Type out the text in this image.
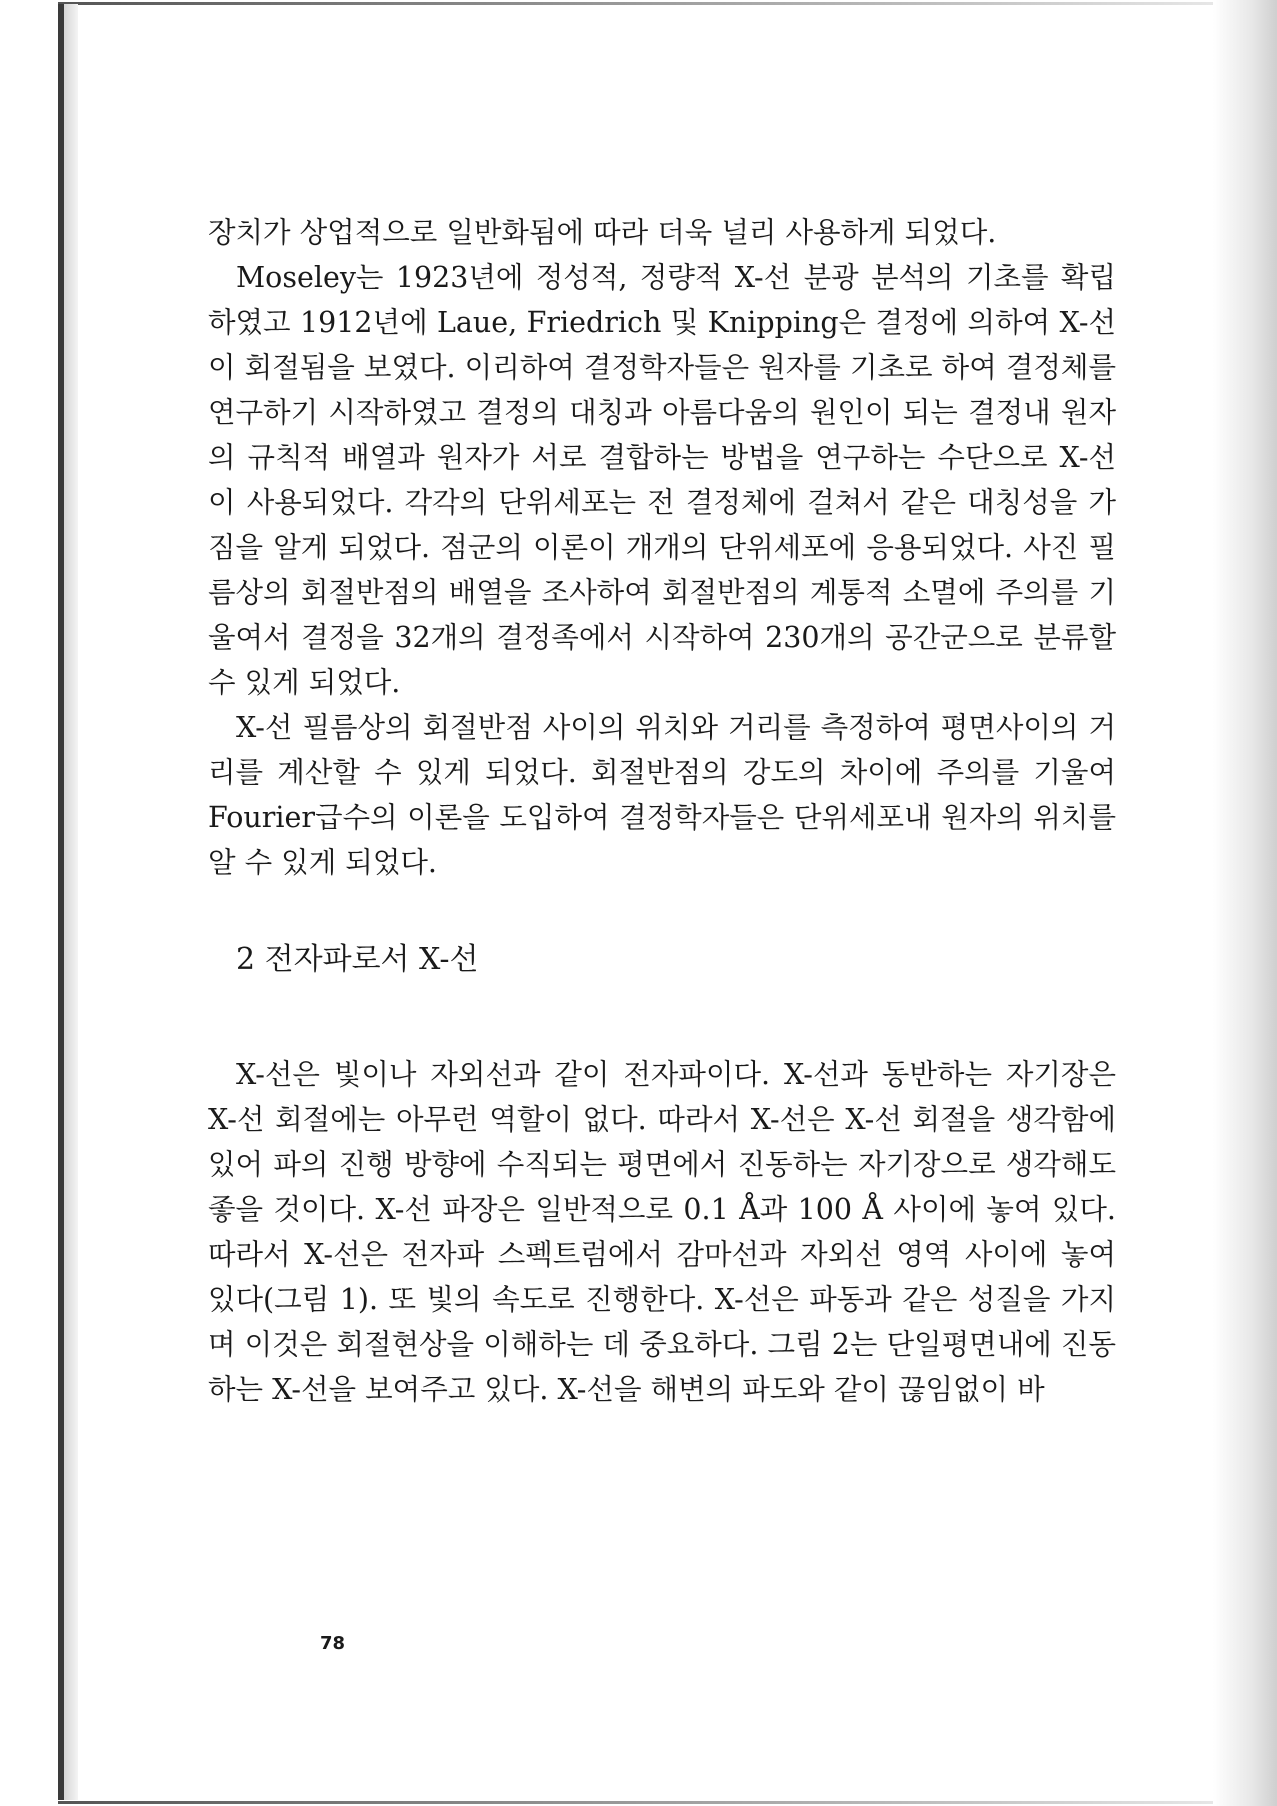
장치가 상업적으로 일반화됨에 따라 더욱 널리 사용하게 되었다.

Moseley는 1923년에 정성적, 정량적 X-선 분광 분석의 기초를 확립하였고 1912년에 Laue, Friedrich 및 Knipping은 결정에 의하여 X-선이 회절됨을 보였다. 이리하여 결정학자들은 원자를 기초로 하여 결정체를 연구하기 시작하였고 결정의 대칭과 아름다움의 원인이 되는 결정내 원자의 규칙적 배열과 원자가 서로 결합하는 방법을 연구하는 수단으로 X-선이 사용되었다. 각각의 단위세포는 전 결정체에 걸쳐서 같은 대칭성을 가짐을 알게 되었다. 점군의 이론이 개개의 단위세포에 응용되었다. 사진 필름상의 회절반점의 배열을 조사하여 회절반점의 계통적 소멸에 주의를 기울여서 결정을 32개의 결정족에서 시작하여 230개의 공간군으로 분류할 수 있게 되었다.

X-선 필름상의 회절반점 사이의 위치와 거리를 측정하여 평면사이의 거리를 계산할 수 있게 되었다. 회절반점의 강도의 차이에 주의를 기울여 Fourier급수의 이론을 도입하여 결정학자들은 단위세포내 원자의 위치를 알 수 있게 되었다.

2 전자파로서 X-선

X-선은 빛이나 자외선과 같이 전자파이다. X-선과 동반하는 자기장은 X-선 회절에는 아무런 역할이 없다. 따라서 X-선은 X-선 회절을 생각함에 있어 파의 진행 방향에 수직되는 평면에서 진동하는 자기장으로 생각해도 좋을 것이다. X-선 파장은 일반적으로 0.1 Å과 100 Å 사이에 놓여 있다. 따라서 X-선은 전자파 스펙트럼에서 감마선과 자외선 영역 사이에 놓여 있다(그림 1). 또 빛의 속도로 진행한다. X-선은 파동과 같은 성질을 가지며 이것은 회절현상을 이해하는 데 중요하다. 그림 2는 단일평면내에 진동하는 X-선을 보여주고 있다. X-선을 해변의 파도와 같이 끊임없이 바

78
